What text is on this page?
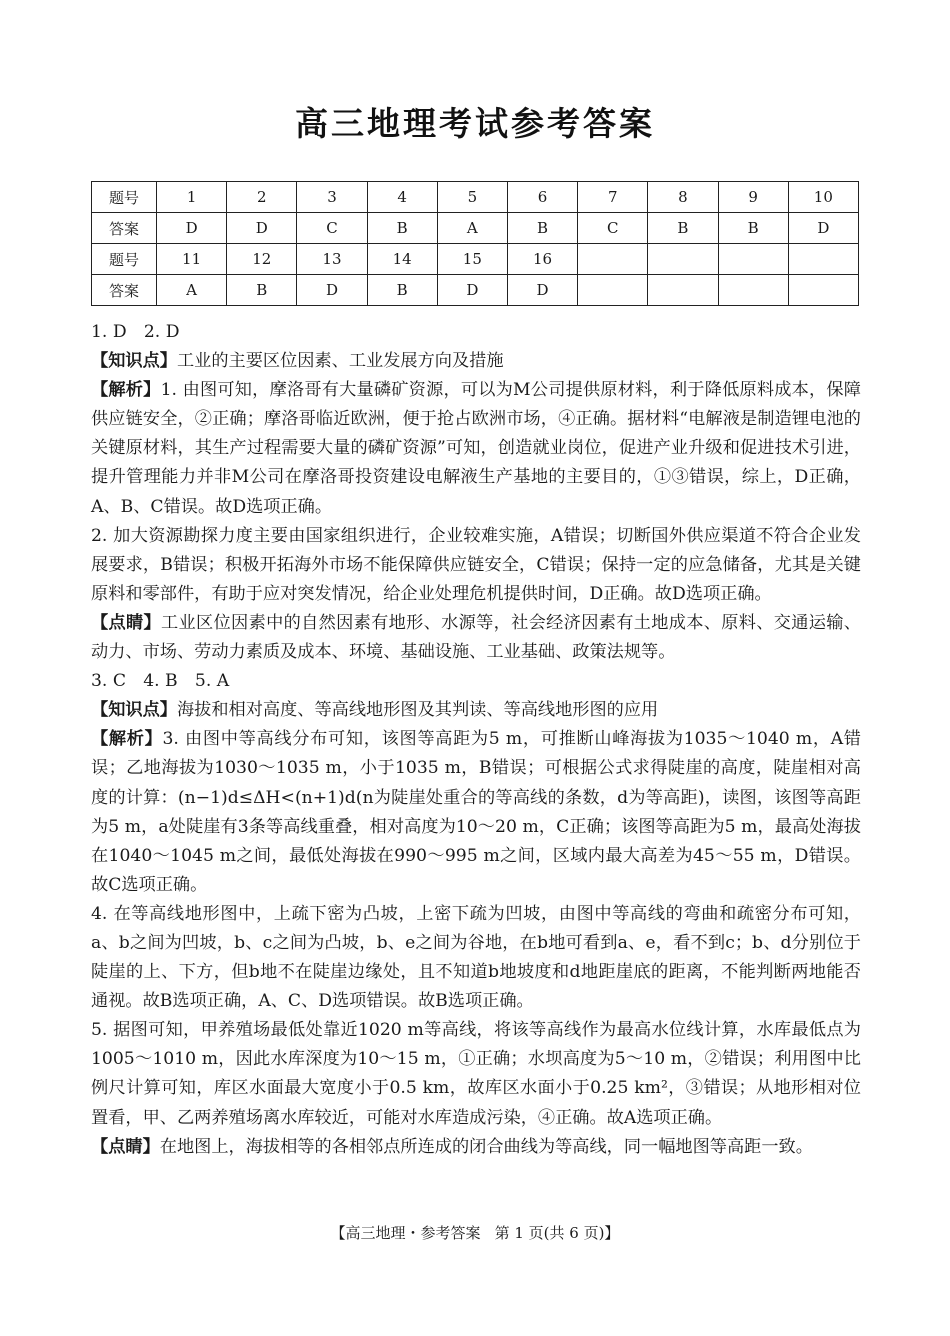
高三地理考试参考答案
题号	1	2	3	4	5	6	7	8	9	10
答案	D	D	C	B	A	B	C	B	B	D
题号	11	12	13	14	15	16				
答案	A	B	D	B	D	D				

1. D　2. D

【知识点】工业的主要区位因素、工业发展方向及措施

【解析】1. 由图可知，摩洛哥有大量磷矿资源，可以为M公司提供原材料，利于降低原料成本，保障供应链安全，②正确；摩洛哥临近欧洲，便于抢占欧洲市场，④正确。据材料“电解液是制造锂电池的关键原材料，其生产过程需要大量的磷矿资源”可知，创造就业岗位，促进产业升级和促进技术引进，提升管理能力并非M公司在摩洛哥投资建设电解液生产基地的主要目的，①③错误，综上，D正确，A、B、C错误。故D选项正确。

2. 加大资源勘探力度主要由国家组织进行，企业较难实施，A错误；切断国外供应渠道不符合企业发展要求，B错误；积极开拓海外市场不能保障供应链安全，C错误；保持一定的应急储备，尤其是关键原料和零部件，有助于应对突发情况，给企业处理危机提供时间，D正确。故D选项正确。

【点睛】工业区位因素中的自然因素有地形、水源等，社会经济因素有土地成本、原料、交通运输、动力、市场、劳动力素质及成本、环境、基础设施、工业基础、政策法规等。

3. C　4. B　5. A

【知识点】海拔和相对高度、等高线地形图及其判读、等高线地形图的应用

【解析】3. 由图中等高线分布可知，该图等高距为5 m，可推断山峰海拔为1035～1040 m，A错误；乙地海拔为1030～1035 m，小于1035 m，B错误；可根据公式求得陡崖的高度，陡崖相对高度的计算：(n−1)d≤ΔH<(n+1)d(n为陡崖处重合的等高线的条数，d为等高距)，读图，该图等高距为5 m，a处陡崖有3条等高线重叠，相对高度为10～20 m，C正确；该图等高距为5 m，最高处海拔在1040～1045 m之间，最低处海拔在990～995 m之间，区域内最大高差为45～55 m，D错误。故C选项正确。

4. 在等高线地形图中，上疏下密为凸坡，上密下疏为凹坡，由图中等高线的弯曲和疏密分布可知，a、b之间为凹坡，b、c之间为凸坡，b、e之间为谷地，在b地可看到a、e，看不到c；b、d分别位于陡崖的上、下方，但b地不在陡崖边缘处，且不知道b地坡度和d地距崖底的距离，不能判断两地能否通视。故B选项正确，A、C、D选项错误。故B选项正确。

5. 据图可知，甲养殖场最低处靠近1020 m等高线，将该等高线作为最高水位线计算，水库最低点为1005～1010 m，因此水库深度为10～15 m，①正确；水坝高度为5～10 m，②错误；利用图中比例尺计算可知，库区水面最大宽度小于0.5 km，故库区水面小于0.25 km²，③错误；从地形相对位置看，甲、乙两养殖场离水库较近，可能对水库造成污染，④正确。故A选项正确。

【点睛】在地图上，海拔相等的各相邻点所连成的闭合曲线为等高线，同一幅地图等高距一致。

【高三地理・参考答案 第 1 页(共 6 页)】
